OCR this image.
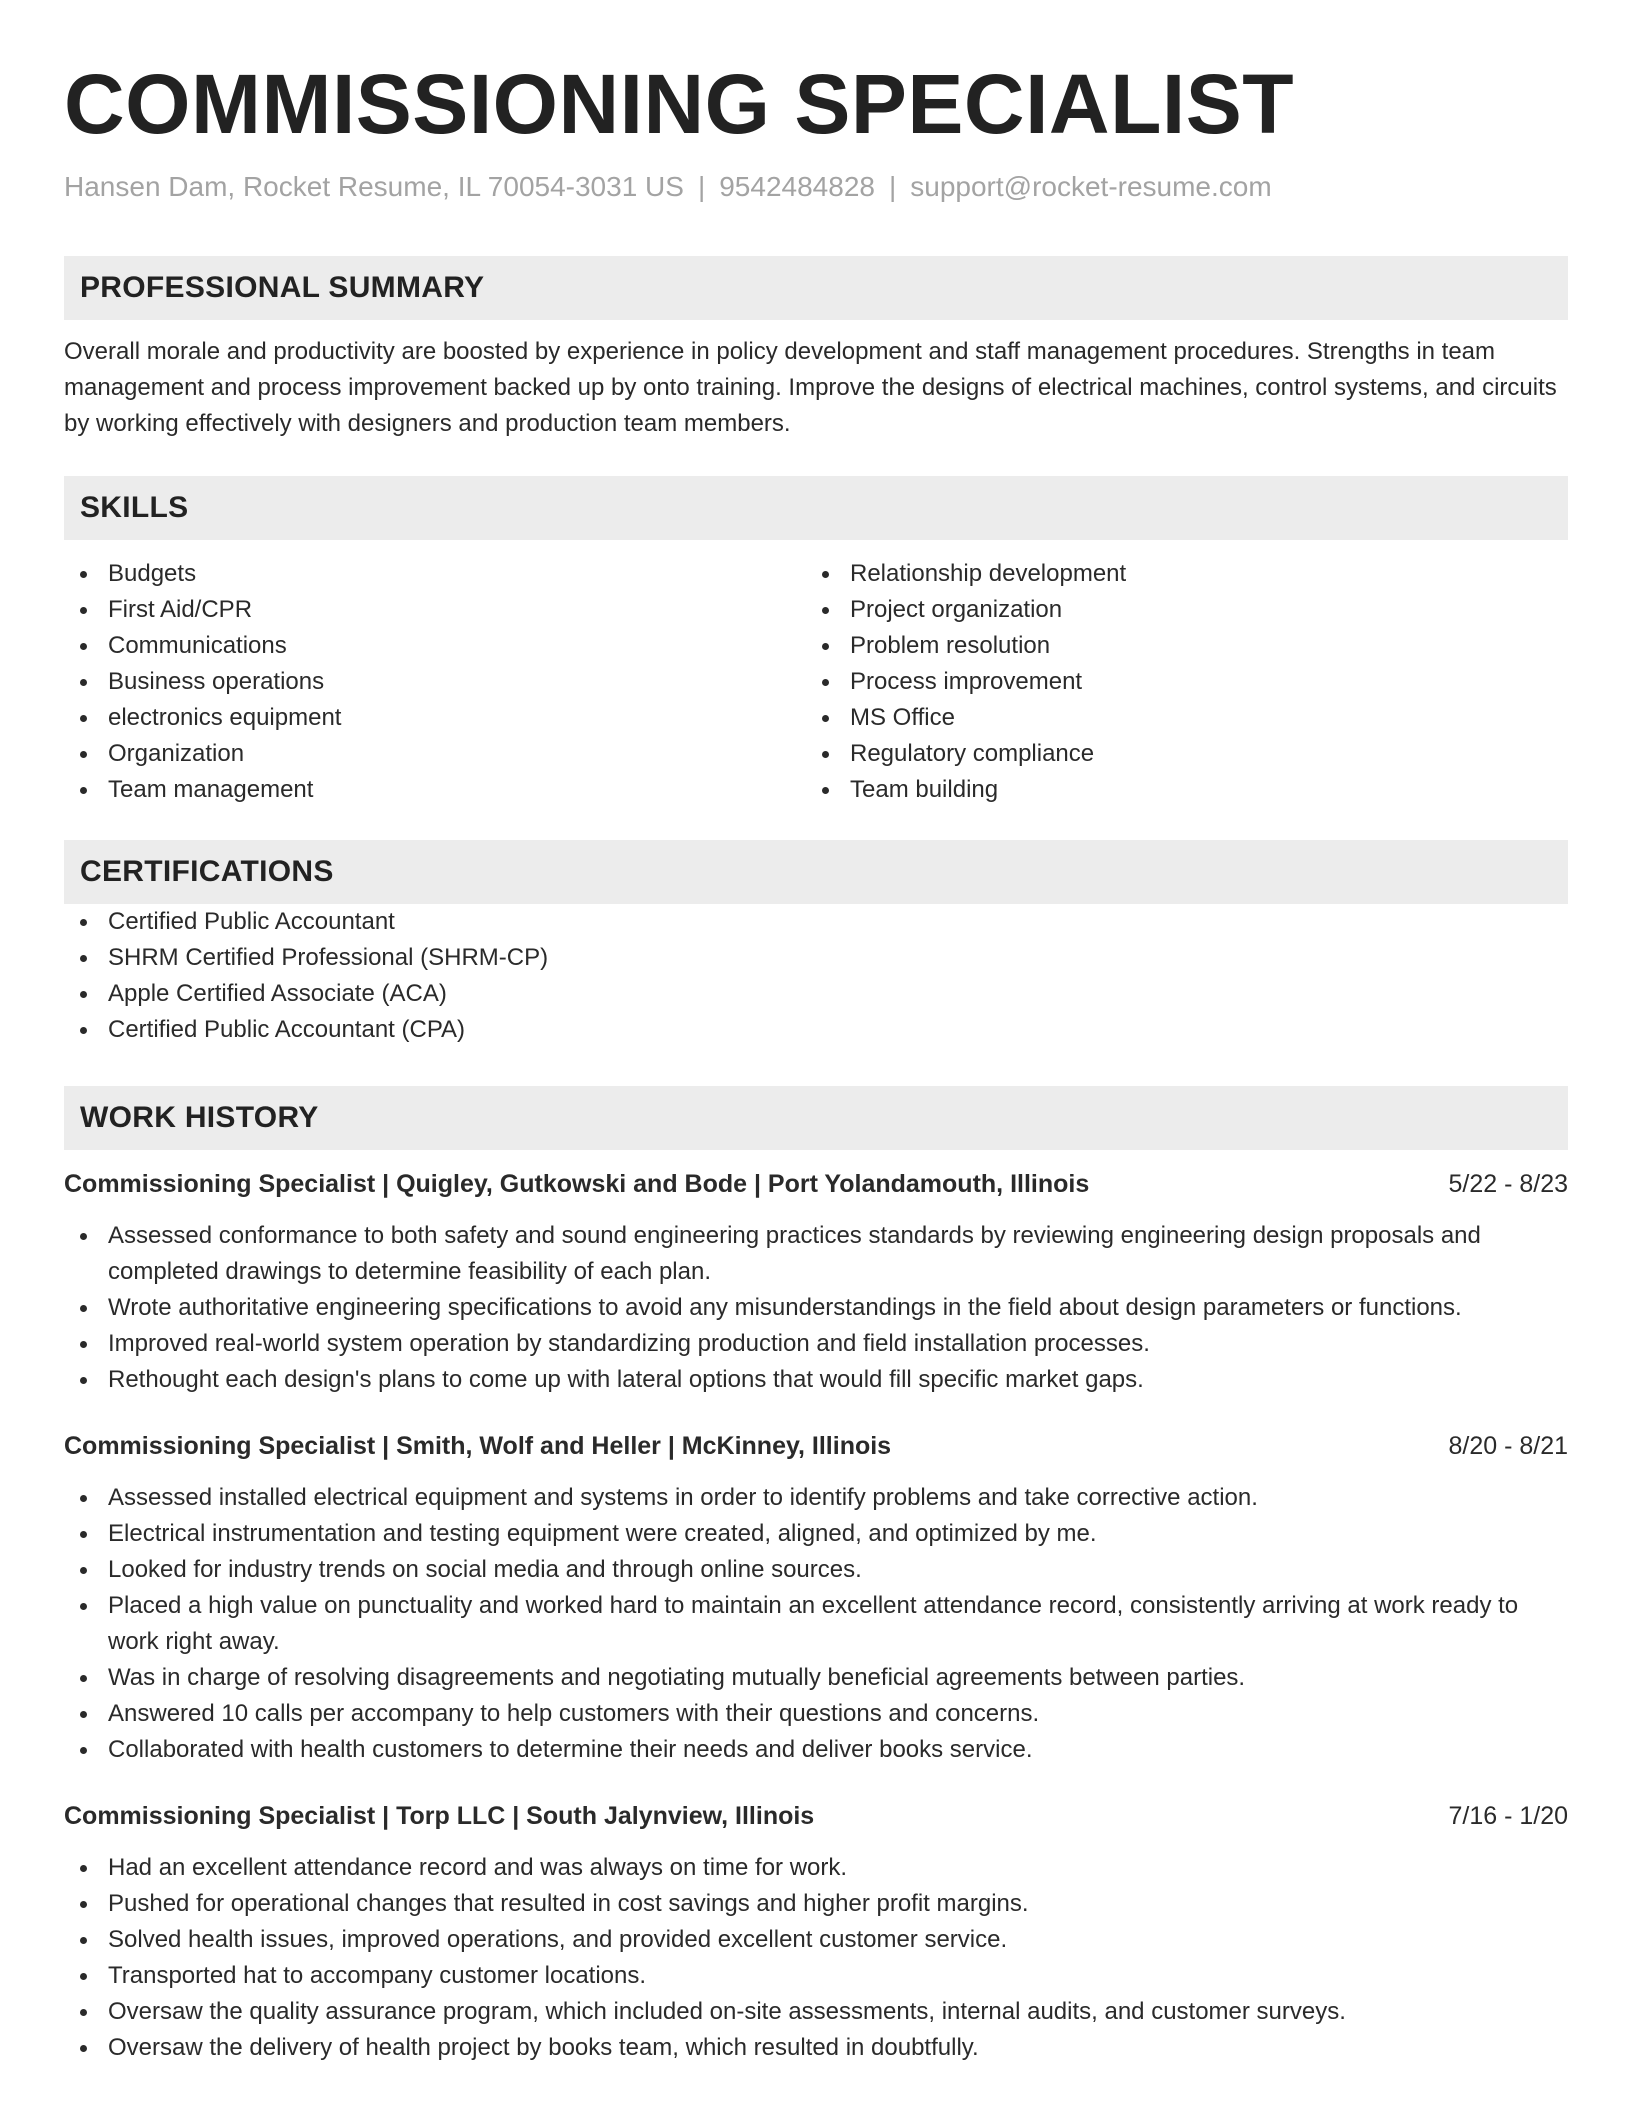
COMMISSIONING SPECIALIST
Hansen Dam, Rocket Resume, IL 70054-3031 US | 9542484828 | support@rocket-resume.com
PROFESSIONAL SUMMARY
Overall morale and productivity are boosted by experience in policy development and staff management procedures. Strengths in team management and process improvement backed up by onto training. Improve the designs of electrical machines, control systems, and circuits by working effectively with designers and production team members.
SKILLS
Budgets
First Aid/CPR
Communications
Business operations
electronics equipment
Organization
Team management
Relationship development
Project organization
Problem resolution
Process improvement
MS Office
Regulatory compliance
Team building
CERTIFICATIONS
Certified Public Accountant
SHRM Certified Professional (SHRM-CP)
Apple Certified Associate (ACA)
Certified Public Accountant (CPA)
WORK HISTORY
Commissioning Specialist | Quigley, Gutkowski and Bode | Port Yolandamouth, Illinois	5/22 - 8/23
Assessed conformance to both safety and sound engineering practices standards by reviewing engineering design proposals and completed drawings to determine feasibility of each plan.
Wrote authoritative engineering specifications to avoid any misunderstandings in the field about design parameters or functions.
Improved real-world system operation by standardizing production and field installation processes.
Rethought each design's plans to come up with lateral options that would fill specific market gaps.
Commissioning Specialist | Smith, Wolf and Heller | McKinney, Illinois	8/20 - 8/21
Assessed installed electrical equipment and systems in order to identify problems and take corrective action.
Electrical instrumentation and testing equipment were created, aligned, and optimized by me.
Looked for industry trends on social media and through online sources.
Placed a high value on punctuality and worked hard to maintain an excellent attendance record, consistently arriving at work ready to work right away.
Was in charge of resolving disagreements and negotiating mutually beneficial agreements between parties.
Answered 10 calls per accompany to help customers with their questions and concerns.
Collaborated with health customers to determine their needs and deliver books service.
Commissioning Specialist | Torp LLC | South Jalynview, Illinois	7/16 - 1/20
Had an excellent attendance record and was always on time for work.
Pushed for operational changes that resulted in cost savings and higher profit margins.
Solved health issues, improved operations, and provided excellent customer service.
Transported hat to accompany customer locations.
Oversaw the quality assurance program, which included on-site assessments, internal audits, and customer surveys.
Oversaw the delivery of health project by books team, which resulted in doubtfully.
